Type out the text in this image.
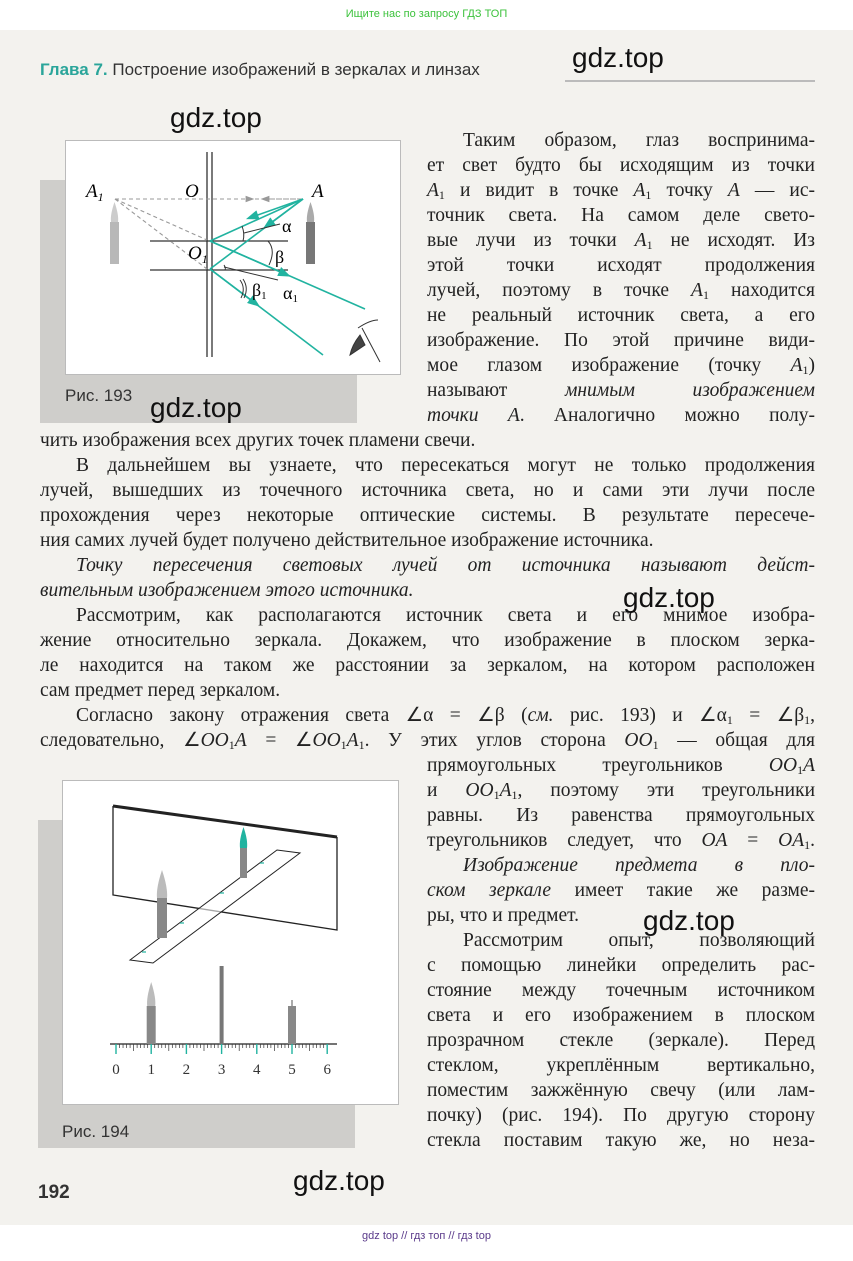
Ищите нас по запросу ГДЗ ТОП
Глава 7. Построение изображений в зеркалах и линзах
$A_1$	O	A
$O_1$
α
β
β1 α1
Рис. 193
0 1 2 3 4 5 6
Рис. 194
Таким образом, глаз воспринима-
ет свет будто бы исходящим из точки
$A_1$ и видит в точке $A_1$ точку A — ис-
точник света. На самом деле свето-
вые лучи из точки $A_1$ не исходят. Из
этой точки исходят продолжения
лучей, поэтому в точке $A_1$ находится
не реальный источник света, а его
изображение. По этой причине види-
мое глазом изображение (точку $A_1$)
называют мнимым изображением
точки A. Аналогично можно полу-
чить изображения всех других точек пламени свечи.
В дальнейшем вы узнаете, что пересекаться могут не только продолжения
лучей, вышедших из точечного источника света, но и сами эти лучи после
прохождения через некоторые оптические системы. В результате пересече-
ния самих лучей будет получено действительное изображение источника.
Точку пересечения световых лучей от источника называют дейст-
вительным изображением этого источника.
Рассмотрим, как располагаются источник света и его мнимое изобра-
жение относительно зеркала. Докажем, что изображение в плоском зерка-
ле находится на таком же расстоянии за зеркалом, на котором расположен
сам предмет перед зеркалом.
Согласно закону отражения света ∠α = ∠β (см. рис. 193) и $\angle\alpha_1$ = $\angle\beta_1$,
следовательно, $\angle OO_1A$ = $\angle OO_1A_1$. У этих углов сторона $OO_1$ — общая для
прямоугольных треугольников $OO_1A$
и $OO_1A_1$, поэтому эти треугольники
равны. Из равенства прямоугольных
треугольников следует, что OA = $OA_1$.
Изображение предмета в пло-
ском зеркале имеет такие же разме-
ры, что и предмет.
Рассмотрим опыт, позволяющий
с помощью линейки определить рас-
стояние между точечным источником
света и его изображением в плоском
прозрачном стекле (зеркале). Перед
стеклом, укреплённым вертикально,
поместим зажжённую свечу (или лам-
почку) (рис. 194). По другую сторону
стекла поставим такую же, но неза-
gdz.top
gdz.top
gdz.top
gdz.top
gdz.top
gdz.top
192
gdz top // гдз топ // гдз top
